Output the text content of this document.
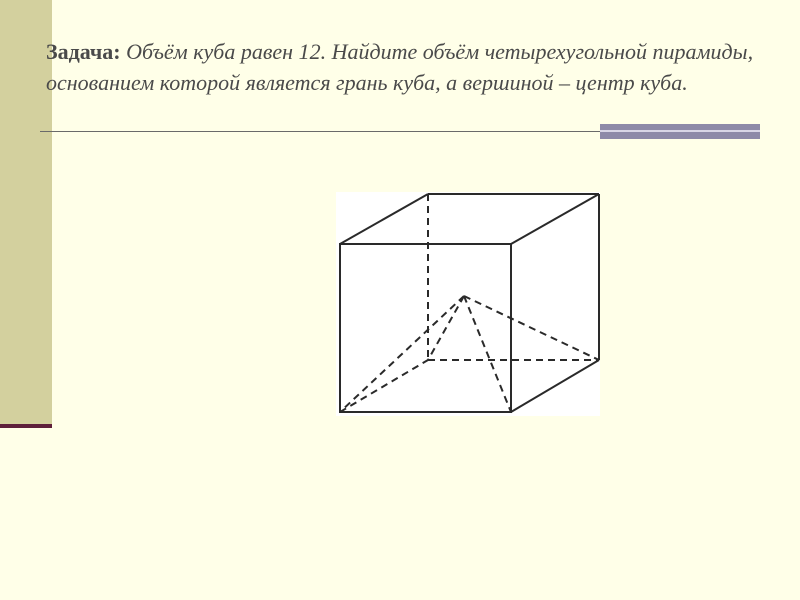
Задача: Объём куба равен 12. Найдите объём четырехугольной пирамиды, основанием которой является грань куба, а вершиной – центр куба.
